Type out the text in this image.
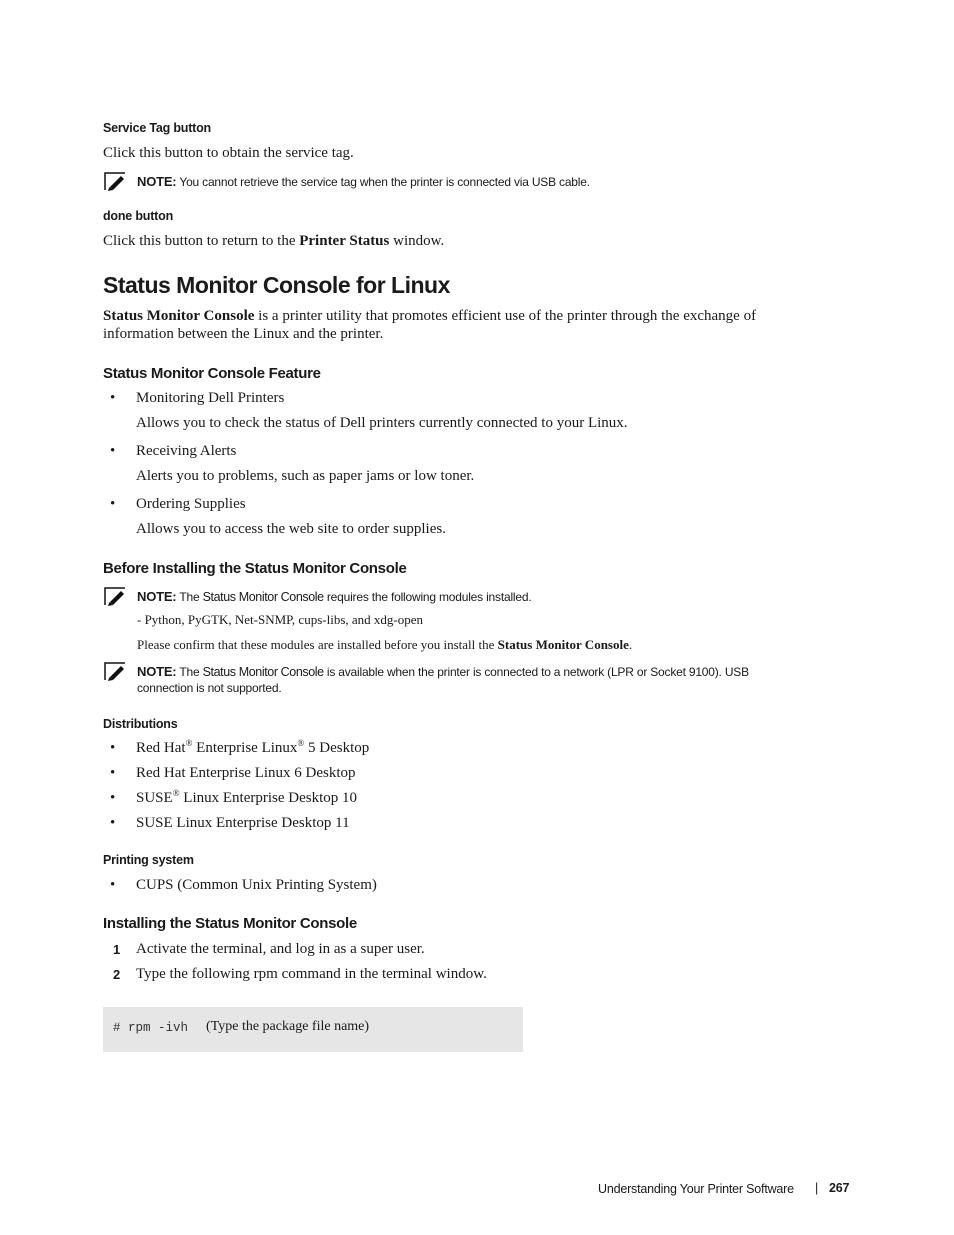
Service Tag button
Click this button to obtain the service tag.
NOTE: You cannot retrieve the service tag when the printer is connected via USB cable.
done button
Click this button to return to the Printer Status window.
Status Monitor Console for Linux
Status Monitor Console is a printer utility that promotes efficient use of the printer through the exchange of
information between the Linux and the printer.
Status Monitor Console Feature
• Monitoring Dell Printers
Allows you to check the status of Dell printers currently connected to your Linux.
• Receiving Alerts
Alerts you to problems, such as paper jams or low toner.
• Ordering Supplies
Allows you to access the web site to order supplies.
Before Installing the Status Monitor Console
NOTE: The Status Monitor Console requires the following modules installed.
- Python, PyGTK, Net-SNMP, cups-libs, and xdg-open
Please confirm that these modules are installed before you install the Status Monitor Console.
NOTE: The Status Monitor Console is available when the printer is connected to a network (LPR or Socket 9100). USB
connection is not supported.
Distributions
• Red Hat® Enterprise Linux® 5 Desktop
• Red Hat Enterprise Linux 6 Desktop
• SUSE® Linux Enterprise Desktop 10
• SUSE Linux Enterprise Desktop 11
Printing system
• CUPS (Common Unix Printing System)
Installing the Status Monitor Console
1 Activate the terminal, and log in as a super user.
2 Type the following rpm command in the terminal window.
# rpm -ivh (Type the package file name)
Understanding Your Printer Software | 267
